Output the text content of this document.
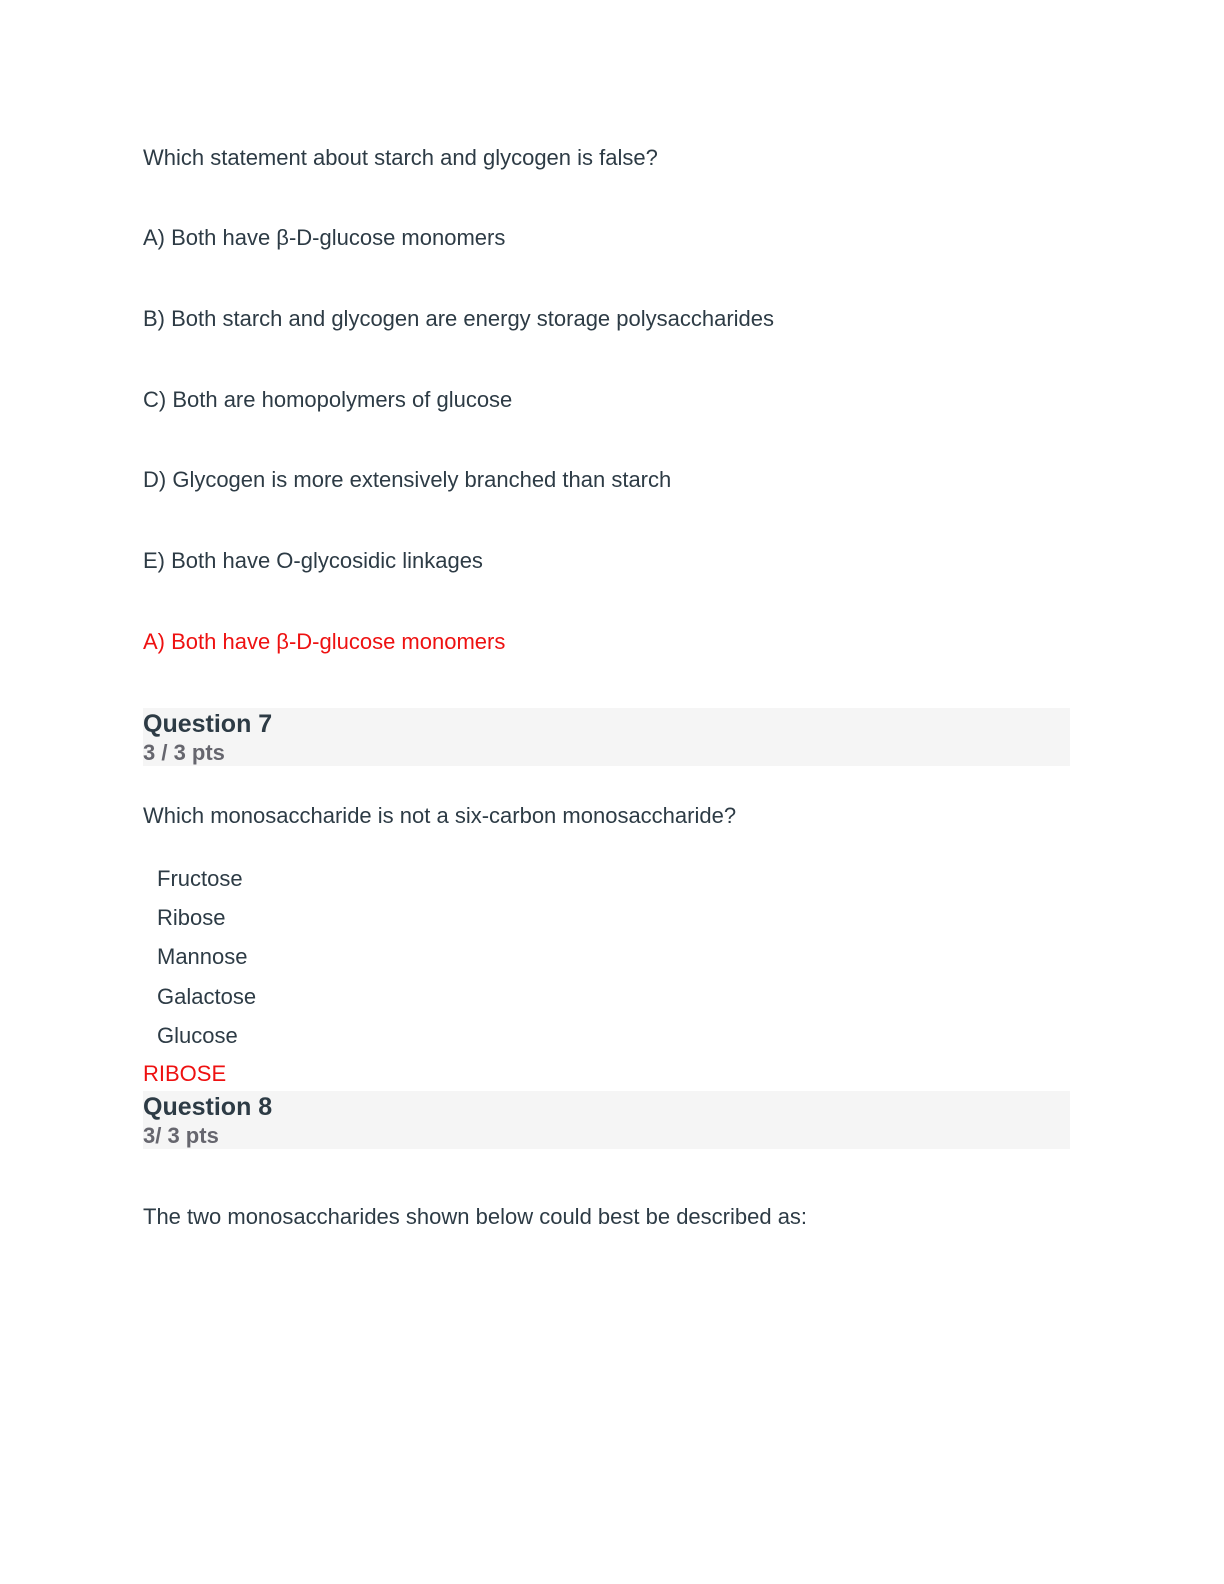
Which statement about starch and glycogen is false?
A) Both have β-D-glucose monomers
B) Both starch and glycogen are energy storage polysaccharides
C) Both are homopolymers of glucose
D) Glycogen is more extensively branched than starch
E) Both have O-glycosidic linkages
A) Both have β-D-glucose monomers
Question 7
3 / 3 pts
Which monosaccharide is not a six-carbon monosaccharide?
Fructose
Ribose
Mannose
Galactose
Glucose
RIBOSE
Question 8
3/ 3 pts
The two monosaccharides shown below could best be described as:
